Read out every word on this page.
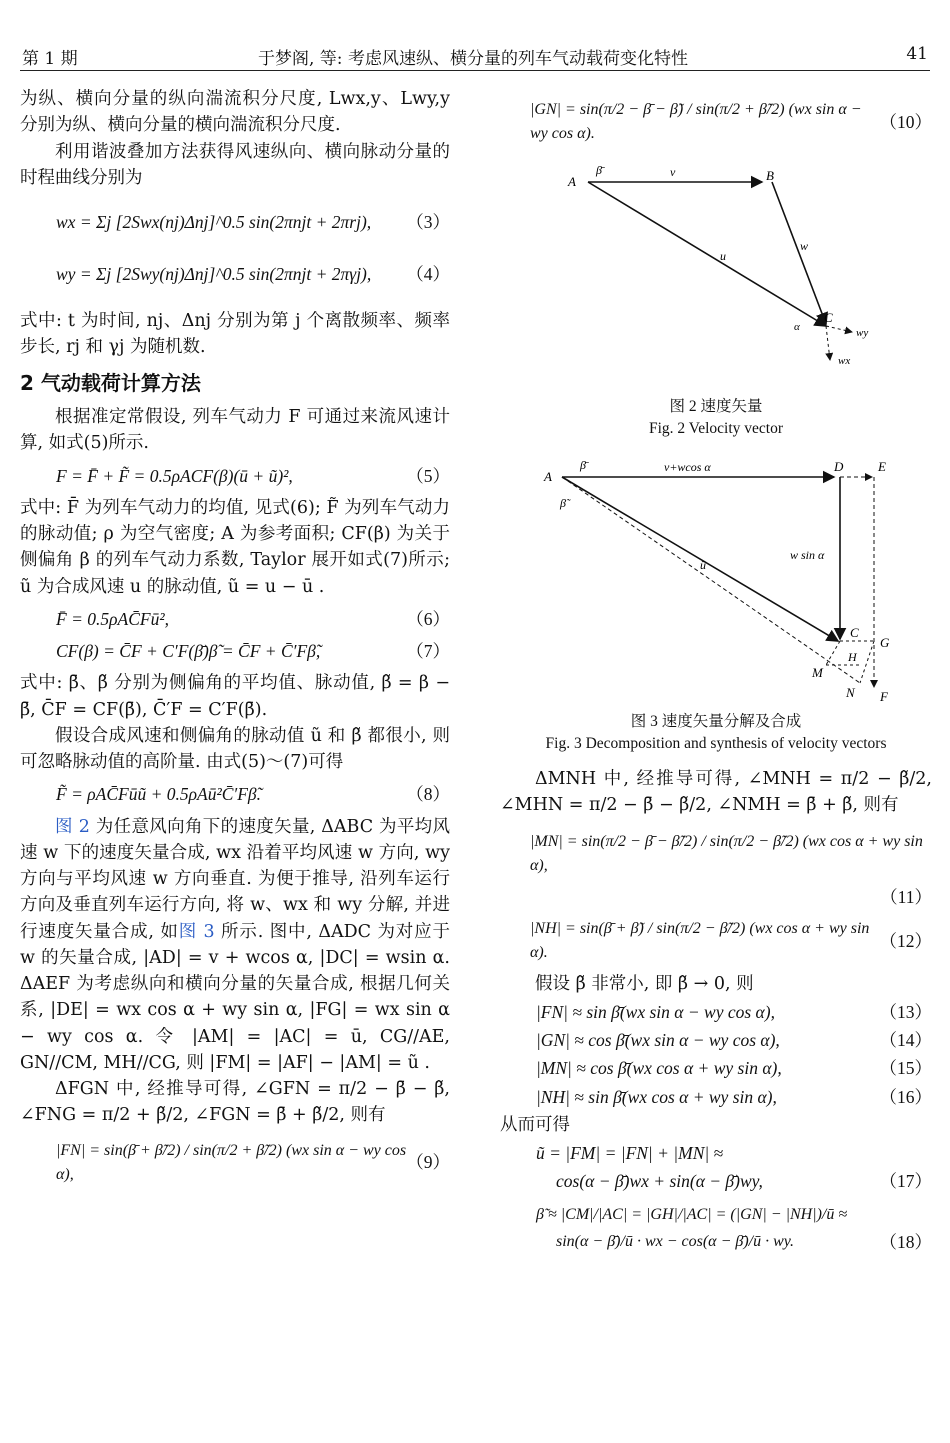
第 1 期	于梦阁, 等: 考虑风速纵、横分量的列车气动载荷变化特性	41

为纵、横向分量的纵向湍流积分尺度, Lwx,y、Lwy,y 分别为纵、横向分量的横向湍流积分尺度.

利用谐波叠加方法获得风速纵向、横向脉动分量的时程曲线分别为

wx = Σj [2Swx(nj)Δnj]^0.5 sin(2πnjt + 2πrj), （3）
wy = Σj [2Swy(nj)Δnj]^0.5 sin(2πnjt + 2πγj), （4）

式中: t 为时间, nj、Δnj 分别为第 j 个离散频率、频率步长, rj 和 γj 为随机数.

2 气动载荷计算方法

根据准定常假设, 列车气动力 F 可通过来流风速计算, 如式(5)所示.

F = F̄ + F̃ = 0.5ρACF(β)(ū + ũ)²,	（5）

式中: F̄ 为列车气动力的均值, 见式(6); F̃ 为列车气动力的脉动值; ρ 为空气密度; A 为参考面积; CF(β) 为关于侧偏角 β 的列车气动力系数, Taylor 展开如式(7)所示; ũ 为合成风速 u 的脉动值, ũ = u − ū .

F̄ = 0.5ρAC̄Fū²,	（6）
CF(β) = C̄F + C′F(β̄)β̃ = C̄F + C̄′Fβ̃,	（7）

式中: β̄、β̃ 分别为侧偏角的平均值、脉动值, β̃ = β − β̄, C̄F = CF(β̄), C̄′F = C′F(β̄).

假设合成风速和侧偏角的脉动值 ũ 和 β̃ 都很小, 则可忽略脉动值的高阶量. 由式(5)～(7)可得

F̃ = ρAC̄Fūũ + 0.5ρAū²C̄′Fβ̃.	（8）

图 2 为任意风向角下的速度矢量, ΔABC 为平均风速 w 下的速度矢量合成, wx 沿着平均风速 w 方向, wy 方向与平均风速 w 方向垂直. 为便于推导, 沿列车运行方向及垂直列车运行方向, 将 w、wx 和 wy 分解, 并进行速度矢量合成, 如图 3 所示. 图中, ΔADC 为对应于 w 的矢量合成, |AD| = v + wcos α, |DC| = wsin α. ΔAEF 为考虑纵向和横向分量的矢量合成, 根据几何关系, |DE| = wx cos α + wy sin α, |FG| = wx sin α − wy cos α. 令 |AM| = |AC| = ū, CG//AE, GN//CM, MH//CG, 则 |FM| = |AF| − |AM| = ũ .

ΔFGN 中, 经推导可得, ∠GFN = π/2 − β̄ − β̃, ∠FNG = π/2 + β̃/2, ∠FGN = β̄ + β̃/2, 则有

|FN| = sin(β̄ + β̃/2) / sin(π/2 + β̃/2) (wx sin α − wy cos α),
（9）
|GN| = sin(π/2 − β̄ − β̃) / sin(π/2 + β̃/2) (wx sin α − wy cos α).
（10）
A	B
C
v
u
w
β̄
α	wy
wx
图 2 速度矢量
Fig. 2 Velocity vector
A
D	E
C
G
H
M
N F
v+wcos α
w sin α
ū
β̄
β̃
图 3 速度矢量分解及合成
Fig. 3 Decomposition and synthesis of velocity vectors

ΔMNH 中, 经推导可得, ∠MNH = π/2 − β̃/2, ∠MHN = π/2 − β̄ − β̃/2, ∠NMH = β̄ + β̃, 则有

|MN| = sin(π/2 − β̄ − β̃/2) / sin(π/2 − β̃/2) (wx cos α + wy sin α),
（11）
|NH| = sin(β̄ + β̃) / sin(π/2 − β̃/2) (wx cos α + wy sin α).
（12）

假设 β̃ 非常小, 即 β̃ → 0, 则

|FN| ≈ sin β̄(wx sin α − wy cos α),	（13）
|GN| ≈ cos β̄(wx sin α − wy cos α),	（14）
|MN| ≈ cos β̄(wx cos α + wy sin α),	（15）
|NH| ≈ sin β̄(wx cos α + wy sin α),	（16）

从而可得

ũ = |FM| = |FN| + |MN| ≈
cos(α − β̄)wx + sin(α − β̄)wy,	（17）
β̃ ≈ |CM|/|AC| = |GH|/|AC| = (|GN| − |NH|)/ū ≈
sin(α − β̄)/ū · wx − cos(α − β̄)/ū · wy.	（18）
